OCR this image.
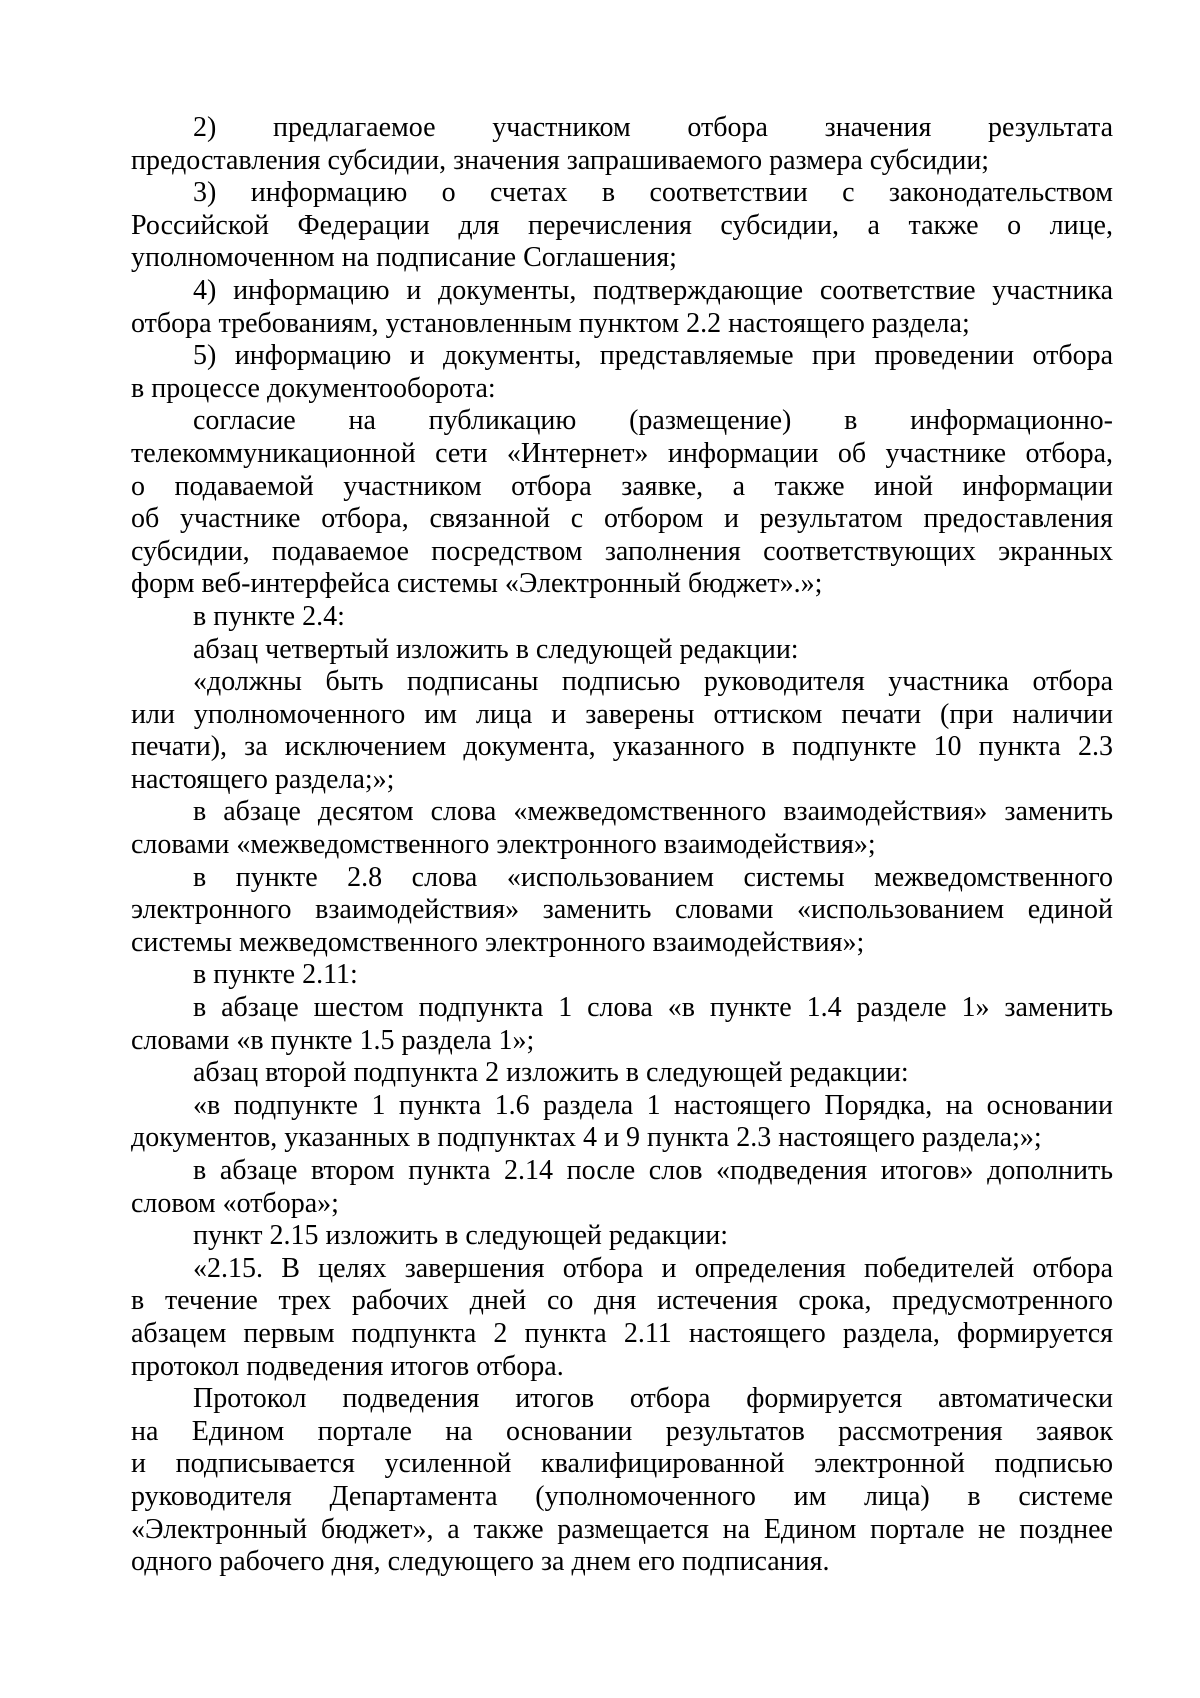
2) предлагаемое участником отбора значения результата
предоставления субсидии, значения запрашиваемого размера субсидии;
3) информацию о счетах в соответствии с законодательством
Российской Федерации для перечисления субсидии, а также о лице,
уполномоченном на подписание Соглашения;
4) информацию и документы, подтверждающие соответствие участника
отбора требованиям, установленным пунктом 2.2 настоящего раздела;
5) информацию и документы, представляемые при проведении отбора
в процессе документооборота:
согласие на публикацию (размещение) в информационно-
телекоммуникационной сети «Интернет» информации об участнике отбора,
о подаваемой участником отбора заявке, а также иной информации
об участнике отбора, связанной с отбором и результатом предоставления
субсидии, подаваемое посредством заполнения соответствующих экранных
форм веб-интерфейса системы «Электронный бюджет».»;
в пункте 2.4:
абзац четвертый изложить в следующей редакции:
«должны быть подписаны подписью руководителя участника отбора
или уполномоченного им лица и заверены оттиском печати (при наличии
печати), за исключением документа, указанного в подпункте 10 пункта 2.3
настоящего раздела;»;
в абзаце десятом слова «межведомственного взаимодействия» заменить
словами «межведомственного электронного взаимодействия»;
в пункте 2.8 слова «использованием системы межведомственного
электронного взаимодействия» заменить словами «использованием единой
системы межведомственного электронного взаимодействия»;
в пункте 2.11:
в абзаце шестом подпункта 1 слова «в пункте 1.4 разделе 1» заменить
словами «в пункте 1.5 раздела 1»;
абзац второй подпункта 2 изложить в следующей редакции:
«в подпункте 1 пункта 1.6 раздела 1 настоящего Порядка, на основании
документов, указанных в подпунктах 4 и 9 пункта 2.3 настоящего раздела;»;
в абзаце втором пункта 2.14 после слов «подведения итогов» дополнить
словом «отбора»;
пункт 2.15 изложить в следующей редакции:
«2.15. В целях завершения отбора и определения победителей отбора
в течение трех рабочих дней со дня истечения срока, предусмотренного
абзацем первым подпункта 2 пункта 2.11 настоящего раздела, формируется
протокол подведения итогов отбора.
Протокол подведения итогов отбора формируется автоматически
на Едином портале на основании результатов рассмотрения заявок
и подписывается усиленной квалифицированной электронной подписью
руководителя Департамента (уполномоченного им лица) в системе
«Электронный бюджет», а также размещается на Едином портале не позднее
одного рабочего дня, следующего за днем его подписания.
